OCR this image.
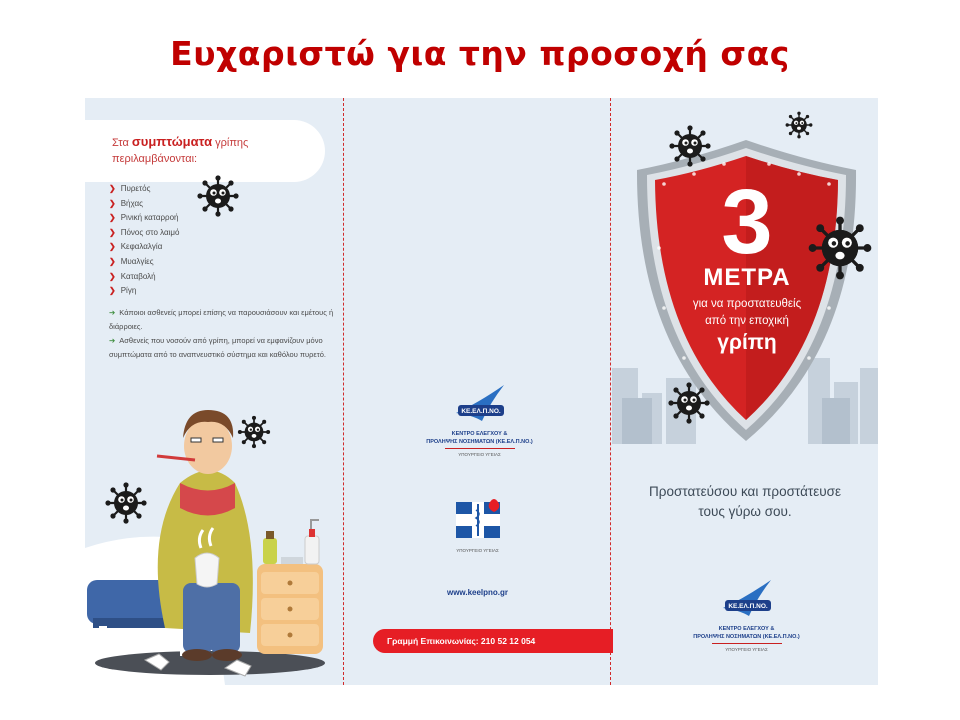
Ευχαριστώ για την προσοχή σας
Στα συμπτώματα γρίπης
περιλαμβάνονται:
❯ Πυρετός
❯ Βήχας
❯ Ρινική καταρροή
❯ Πόνος στο λαιμό
❯ Κεφαλαλγία
❯ Μυαλγίες
❯ Καταβολή
❯ Ρίγη
➔ Κάποιοι ασθενείς μπορεί επίσης να παρουσιάσουν και εμέτους ή διάρροιες.
➔ Ασθενείς που νοσούν από γρίπη, μπορεί να εμφανίζουν μόνο συμπτώματα από το αναπνευστικό σύστημα και καθόλου πυρετό.
ΚΕ.ΕΛ.Π.ΝΟ.
ΚΕΝΤΡΟ ΕΛΕΓΧΟΥ &
ΠΡΟΛΗΨΗΣ ΝΟΣΗΜΑΤΩΝ (ΚΕ.ΕΛ.Π.ΝΟ.)
ΥΠΟΥΡΓΕΙΟ ΥΓΕΙΑΣ
ΥΠΟΥΡΓΕΙΟ ΥΓΕΙΑΣ
www.keelpno.gr
Γραμμή Επικοινωνίας: 210 52 12 054
3
ΜΕΤΡΑ
για να προστατευθείς
από την εποχική
γρίπη
Προστατεύσου και προστάτευσε
τους γύρω σου.
ΚΕ.ΕΛ.Π.ΝΟ.
ΚΕΝΤΡΟ ΕΛΕΓΧΟΥ &
ΠΡΟΛΗΨΗΣ ΝΟΣΗΜΑΤΩΝ (ΚΕ.ΕΛ.Π.ΝΟ.)
ΥΠΟΥΡΓΕΙΟ ΥΓΕΙΑΣ
